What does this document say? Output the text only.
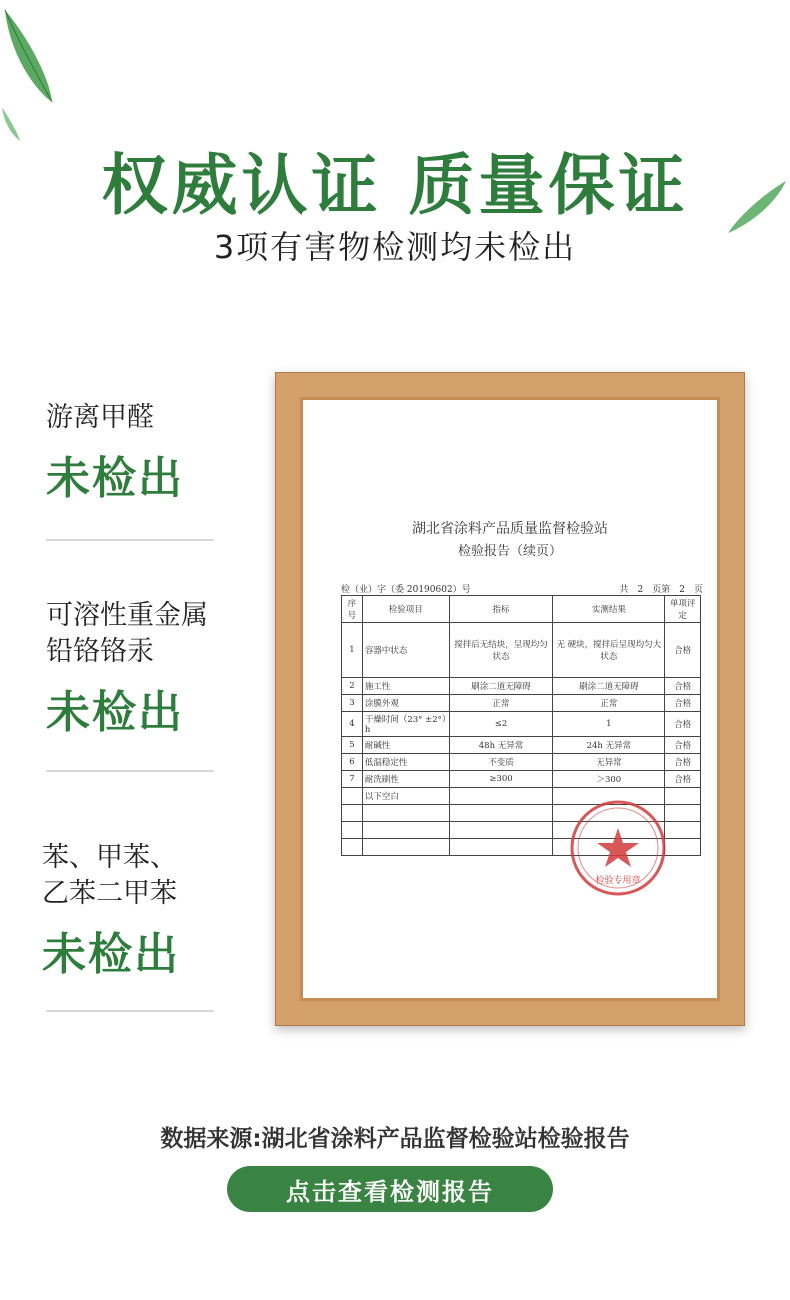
权威认证 质量保证
3项有害物检测均未检出
游离甲醛
未检出
可溶性重金属
铅铬铬汞
未检出
苯、甲苯、
乙苯二甲苯
未检出
湖北省涂料产品质量监督检验站
检验报告（续页）
检（业）字（委 20190602）号	共　2　页第　2　页
序号	检验项目	指标	实测结果	单项评定
1	容器中状态	搅拌后无结块，呈现均匀状态	无 硬块，搅拌后呈现均匀大状态	合格
2	施工性	刷涂二道无障碍	刷涂二道无障碍	合格
3	涂膜外观	正常	正常	合格
4	干燥时间（23° ±2°）h	≤2	1	合格
5	耐碱性	48h 无异常	24h 无异常	合格
6	低温稳定性	不变质	无异常	合格
7	耐洗刷性	≥300	＞300	合格
	以下空白			

检验专用章
数据来源:湖北省涂料产品监督检验站检验报告
点击查看检测报告
